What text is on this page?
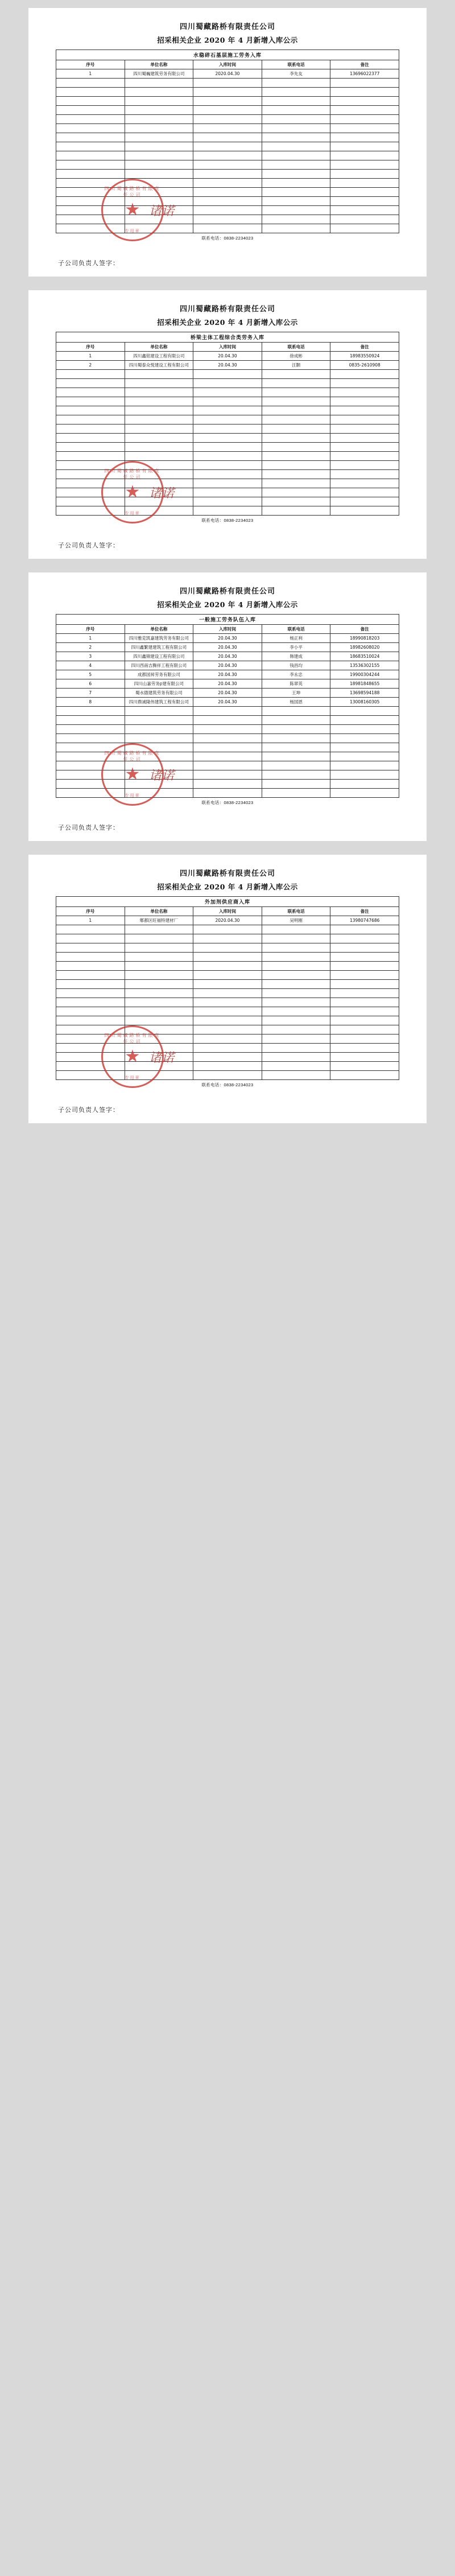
四川蜀藏路桥有限责任公司
招采相关企业 2020 年 4 月新增入库公示
水稳碎石基层施工劳务入库				
序号	单位名称	入库时间	联系电话	备注
1	四川蜀巍建筑劳务有限公司	2020.04.30	李先友	13696022377

联系电话：0838-2234023
子公司负责人签字：
四川蜀藏路桥有限责任公司
★
专用章
诸诺
四川蜀藏路桥有限责任公司
招采相关企业 2020 年 4 月新增入库公示
桥梁主体工程综合类劳务入库				
序号	单位名称	入库时间	联系电话	备注
1	四川鑫铭建设工程有限公司	20.04.30	徐成彬	18983550924
2	四川蜀泰众悦建设工程有限公司	20.04.30	汪颢	0835-2610908

联系电话：0838-2234023
子公司负责人签字：
四川蜀藏路桥有限责任公司
★
专用章
诸诺
四川蜀藏路桥有限责任公司
招采相关企业 2020 年 4 月新增入库公示
一般施工劳务队伍入库				
序号	单位名称	入库时间	联系电话	备注
1	四川雅克凯嘉建筑劳务有限公司	20.04.30	杨正利	18990818203
2	四川鑫繁建建筑工程有限公司	20.04.30	李小平	18982608020
3	四川鑫锦建设工程有限公司	20.04.30	韩建成	18683510024
4	四川西南吉腾祥工程有限公司	20.04.30	钱昌均	13536302155
5	成都国昇劳务有限公司	20.04.30	李永忠	19900304244
6	四川山嘉劳务բ建有限公司	20.04.30	陈翠英	18981848655
7	蜀水德建筑劳务有限公司	20.04.30	王坤	13698594188
8	四川鼎诚隆伟建筑工程有限公司	20.04.30	杨国恩	13008160305

联系电话：0838-2234023
子公司负责人签字：
四川蜀藏路桥有限责任公司
★
专用章
诸诺
四川蜀藏路桥有限责任公司
招采相关企业 2020 年 4 月新增入库公示
外加剂供应商入库				
序号	单位名称	入库时间	联系电话	备注
1	郫都区旺福特建材厂	2020.04.30	吴明刚	13980747686

联系电话：0838-2234023
子公司负责人签字：
四川蜀藏路桥有限责任公司
★
专用章
诸诺
